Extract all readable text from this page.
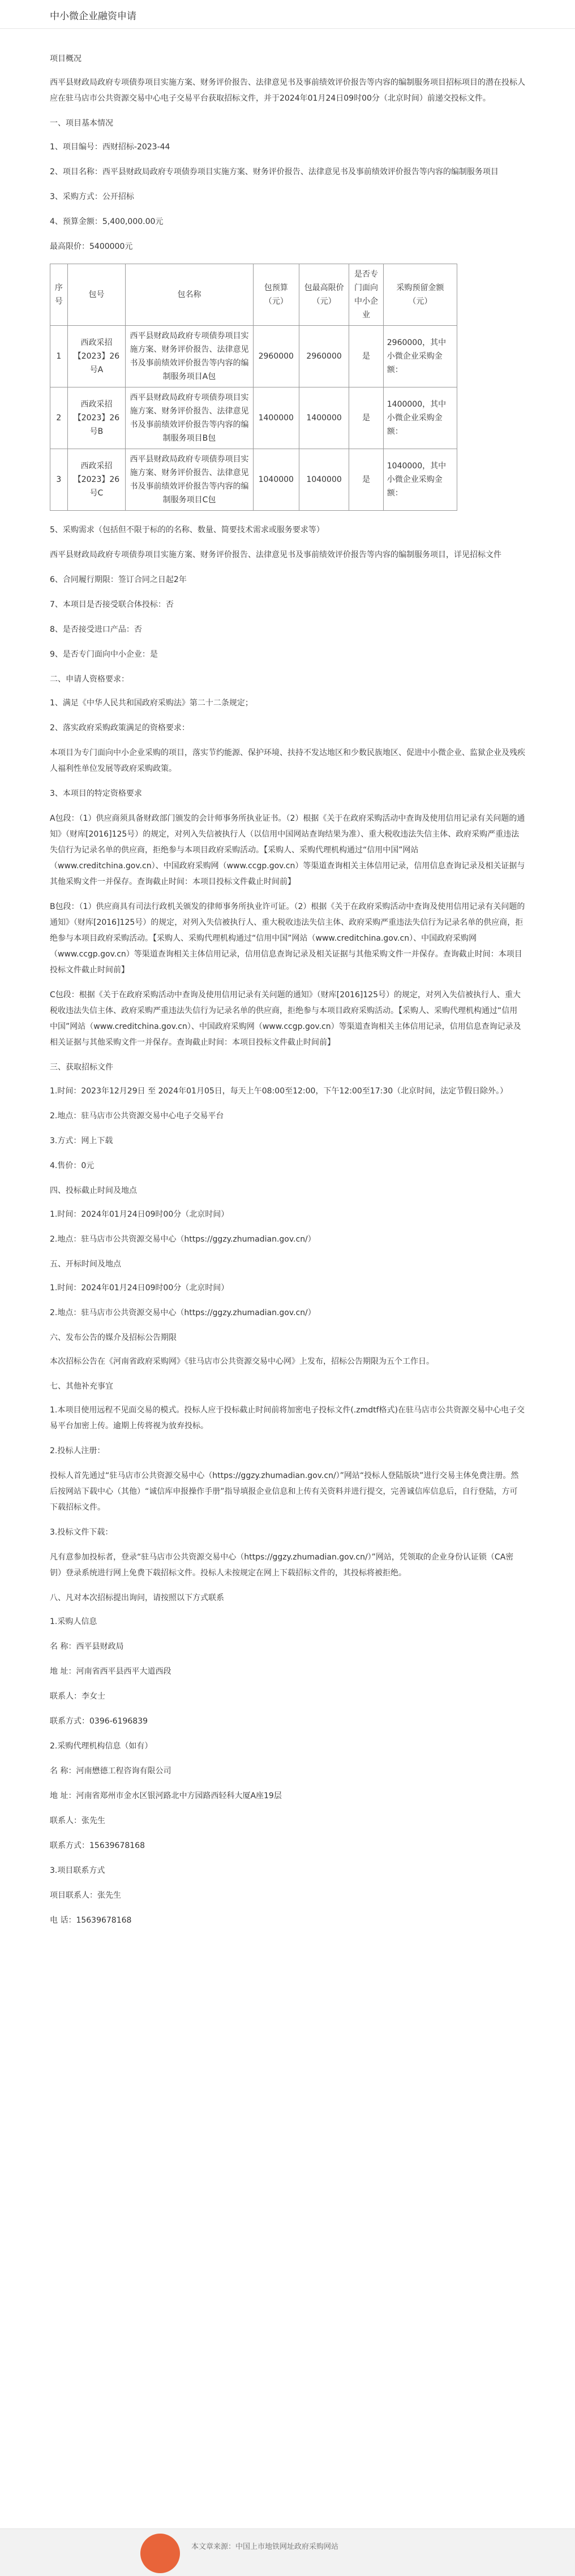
中小微企业融资申请
项目概况
西平县财政局政府专项债券项目实施方案、财务评价报告、法律意见书及事前绩效评价报告等内容的编制服务项目招标项目的潜在投标人应在驻马店市公共资源交易中心电子交易平台获取招标文件，并于2024年01月24日09时00分（北京时间）前递交投标文件。
一、项目基本情况
1、项目编号：西财招标-2023-44
2、项目名称：西平县财政局政府专项债券项目实施方案、财务评价报告、法律意见书及事前绩效评价报告等内容的编制服务项目
3、采购方式：公开招标
4、预算金额：5,400,000.00元
最高限价：5400000元
序号	包号	包名称	包预算（元）	包最高限价（元）	是否专门面向中小企业	采购预留金额（元）
1	西政采招【2023】26号A	西平县财政局政府专项债券项目实施方案、财务评价报告、法律意见书及事前绩效评价报告等内容的编制服务项目A包	2960000	2960000	是	2960000，其中小微企业采购金额：
2	西政采招【2023】26号B	西平县财政局政府专项债券项目实施方案、财务评价报告、法律意见书及事前绩效评价报告等内容的编制服务项目B包	1400000	1400000	是	1400000，其中小微企业采购金额：
3	西政采招【2023】26号C	西平县财政局政府专项债券项目实施方案、财务评价报告、法律意见书及事前绩效评价报告等内容的编制服务项目C包	1040000	1040000	是	1040000，其中小微企业采购金额：
5、采购需求（包括但不限于标的的名称、数量、简要技术需求或服务要求等）
西平县财政局政府专项债券项目实施方案、财务评价报告、法律意见书及事前绩效评价报告等内容的编制服务项目，详见招标文件
6、合同履行期限：签订合同之日起2年
7、本项目是否接受联合体投标：否
8、是否接受进口产品：否
9、是否专门面向中小企业：是
二、申请人资格要求：
1、满足《中华人民共和国政府采购法》第二十二条规定；
2、落实政府采购政策满足的资格要求：
本项目为专门面向中小企业采购的项目，落实节约能源、保护环境、扶持不发达地区和少数民族地区、促进中小微企业、监狱企业及残疾人福利性单位发展等政府采购政策。
3、本项目的特定资格要求
A包段：（1）供应商须具备财政部门颁发的会计师事务所执业证书。（2）根据《关于在政府采购活动中查询及使用信用记录有关问题的通知》（财库[2016]125号）的规定，对列入失信被执行人（以信用中国网站查询结果为准）、重大税收违法失信主体、政府采购严重违法失信行为记录名单的供应商，拒绝参与本项目政府采购活动。【采购人、采购代理机构通过“信用中国”网站（www.creditchina.gov.cn）、中国政府采购网（www.ccgp.gov.cn）等渠道查询相关主体信用记录，信用信息查询记录及相关证据与其他采购文件一并保存。查询截止时间：本项目投标文件截止时间前】
B包段：（1）供应商具有司法行政机关颁发的律师事务所执业许可证。（2）根据《关于在政府采购活动中查询及使用信用记录有关问题的通知》（财库[2016]125号）的规定，对列入失信被执行人、重大税收违法失信主体、政府采购严重违法失信行为记录名单的供应商，拒绝参与本项目政府采购活动。【采购人、采购代理机构通过“信用中国”网站（www.creditchina.gov.cn）、中国政府采购网（www.ccgp.gov.cn）等渠道查询相关主体信用记录，信用信息查询记录及相关证据与其他采购文件一并保存。查询截止时间：本项目投标文件截止时间前】
C包段：根据《关于在政府采购活动中查询及使用信用记录有关问题的通知》（财库[2016]125号）的规定，对列入失信被执行人、重大税收违法失信主体、政府采购严重违法失信行为记录名单的供应商，拒绝参与本项目政府采购活动。【采购人、采购代理机构通过“信用中国”网站（www.creditchina.gov.cn）、中国政府采购网（www.ccgp.gov.cn）等渠道查询相关主体信用记录，信用信息查询记录及相关证据与其他采购文件一并保存。查询截止时间：本项目投标文件截止时间前】
三、获取招标文件
1.时间：2023年12月29日 至 2024年01月05日，每天上午08:00至12:00，下午12:00至17:30（北京时间，法定节假日除外。）
2.地点：驻马店市公共资源交易中心电子交易平台
3.方式：网上下载
4.售价：0元
四、投标截止时间及地点
1.时间：2024年01月24日09时00分（北京时间）
2.地点：驻马店市公共资源交易中心（https://ggzy.zhumadian.gov.cn/）
五、开标时间及地点
1.时间：2024年01月24日09时00分（北京时间）
2.地点：驻马店市公共资源交易中心（https://ggzy.zhumadian.gov.cn/）
六、发布公告的媒介及招标公告期限
本次招标公告在《河南省政府采购网》《驻马店市公共资源交易中心网》上发布，招标公告期限为五个工作日。
七、其他补充事宜
1.本项目使用远程不见面交易的模式。投标人应于投标截止时间前将加密电子投标文件(.zmdtf格式)在驻马店市公共资源交易中心电子交易平台加密上传。逾期上传将视为放弃投标。
2.投标人注册：
投标人首先通过“驻马店市公共资源交易中心（https://ggzy.zhumadian.gov.cn/）”网站“投标人登陆版块”进行交易主体免费注册。然后按网站下载中心（其他）“诚信库申报操作手册”指导填报企业信息和上传有关资料并进行提交，完善诚信库信息后，自行登陆，方可下载招标文件。
3.投标文件下载：
凡有意参加投标者，登录“驻马店市公共资源交易中心（https://ggzy.zhumadian.gov.cn/）”网站，凭领取的企业身份认证锁（CA密钥）登录系统进行网上免费下载招标文件。投标人未按规定在网上下载招标文件的，其投标将被拒绝。
八、凡对本次招标提出询问，请按照以下方式联系
1.采购人信息
名 称：西平县财政局
地 址：河南省西平县西平大道西段
联系人：李女士
联系方式：0396-6196839
2.采购代理机构信息（如有）
名 称：河南懋德工程咨询有限公司
地 址：河南省郑州市金水区银河路北中方园路西轻科大厦A座19层
联系人：张先生
联系方式：15639678168
3.项目联系方式
项目联系人：张先生
电 话：15639678168
本文章来源：中国上市地铁网址政府采购网站
